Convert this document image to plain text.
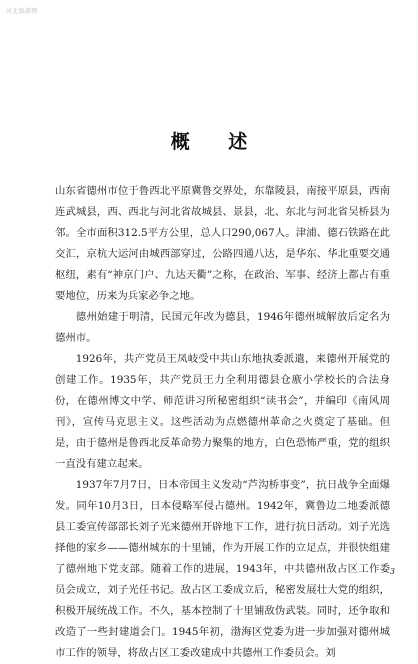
河北旅游网
概 述

山东省德州市位于鲁西北平原冀鲁交界处，东靠陵县，南接平原县，西南连武城县，西、西北与河北省故城县、景县，北、东北与河北省吴桥县为邻。全市面积312.5平方公里，总人口290,067人。津浦、德石铁路在此交汇，京杭大运河由城西部穿过，公路四通八达，是华东、华北重要交通枢纽，素有“神京门户、九达天衢”之称，在政治、军事、经济上都占有重要地位，历来为兵家必争之地。

德州始建于明清，民国元年改为德县，1946年德州城解放后定名为德州市。

1926年，共产党员王凤岐受中共山东地执委派遣，来德州开展党的创建工作。1935年，共产党员王力全利用德县仓廒小学校长的合法身份，在德州博文中学、师范讲习所秘密组织“读书会”，并编印《南风周刊》，宣传马克思主义。这些活动为点燃德州革命之火奠定了基础。但是，由于德州是鲁西北反革命势力聚集的地方，白色恐怖严重，党的组织一直没有建立起来。

1937年7月7日，日本帝国主义发动“芦沟桥事变”，抗日战争全面爆发。同年10月3日，日本侵略军侵占德州。1942年，冀鲁边二地委派德县工委宣传部部长刘子光来德州开辟地下工作，进行抗日活动。刘子光选择他的家乡——德州城东的十里铺，作为开展工作的立足点，并很快组建了德州地下党支部。随着工作的进展，1943年，中共德州敌占区工作委员会成立，刘子光任书记。敌占区工委成立后，秘密发展壮大党的组织，积极开展统战工作。不久，基本控制了十里铺敌伪武装。同时，还争取和改造了一些封建道会门。1945年初，渤海区党委为进一步加强对德州城市工作的领导，将敌占区工委改建成中共德州工作委员会。刘

3
